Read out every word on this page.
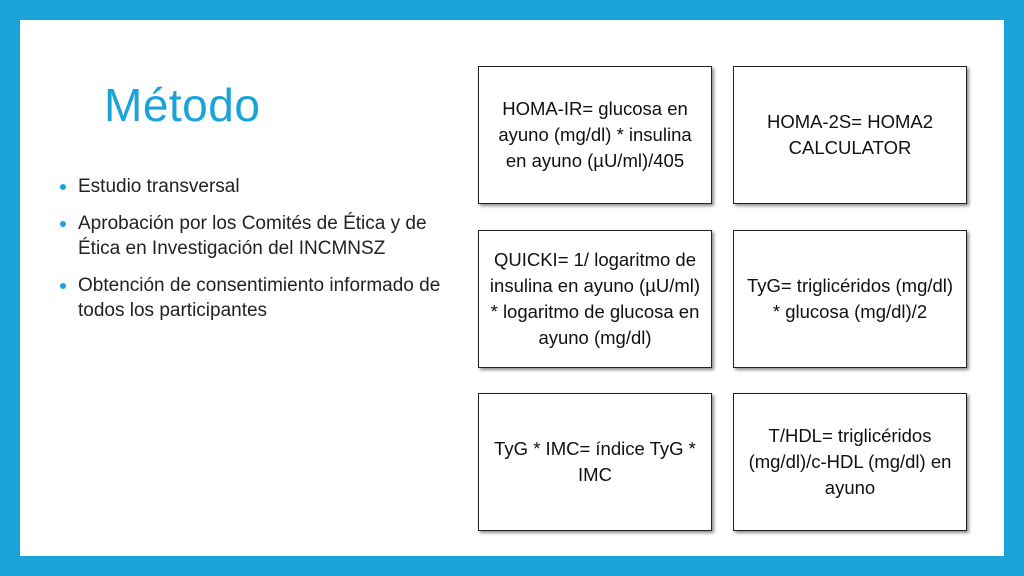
Método
Estudio transversal
Aprobación por los Comités de Ética y de Ética en Investigación del INCMNSZ
Obtención de consentimiento informado de todos los participantes
HOMA-IR= glucosa en ayuno (mg/dl) * insulina en ayuno (µU/ml)/405
HOMA-2S= HOMA2 CALCULATOR
QUICKI= 1/ logaritmo de insulina en ayuno (µU/ml) * logaritmo de glucosa en ayuno (mg/dl)
TyG= triglicéridos (mg/dl) * glucosa (mg/dl)/2
TyG * IMC= índice TyG * IMC
T/HDL= triglicéridos (mg/dl)/c-HDL (mg/dl) en ayuno
